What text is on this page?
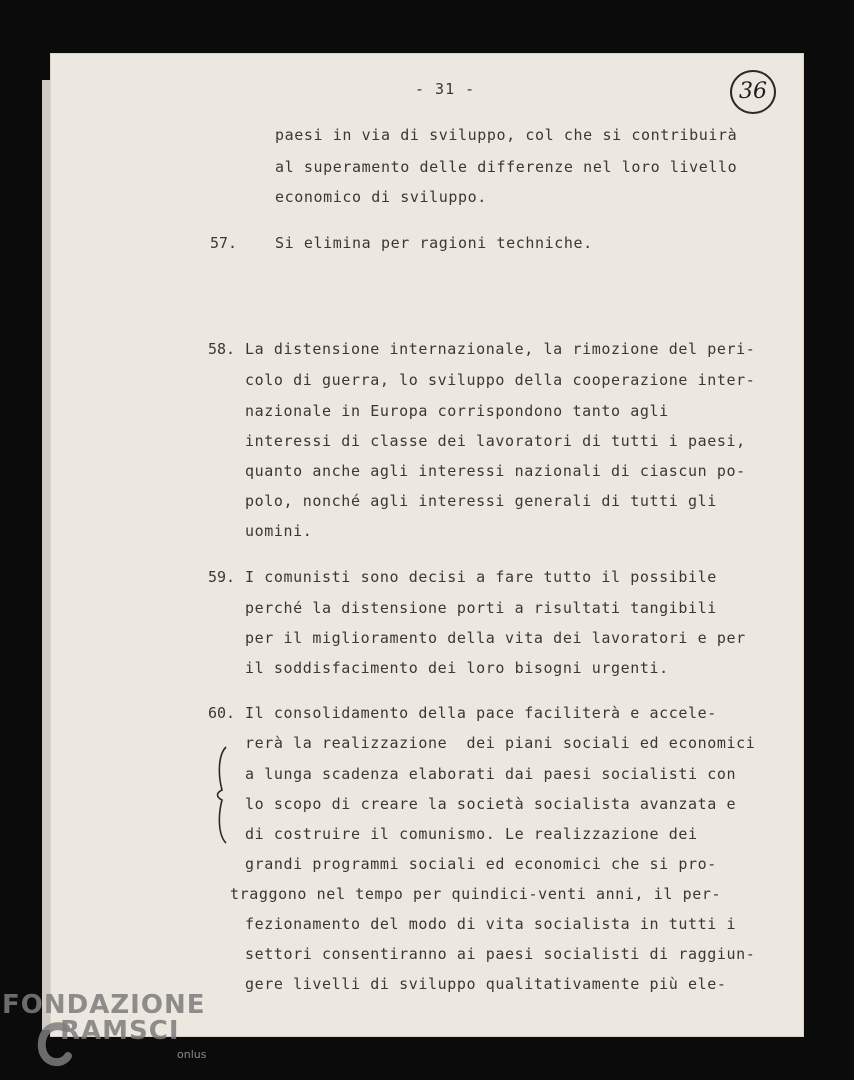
- 31 -	36
paesi in via di sviluppo, col che si contribuirà
al superamento delle differenze nel loro livello
economico di sviluppo.
57.	Si elimina per ragioni techniche.
58. La distensione internazionale, la rimozione del peri-
colo di guerra, lo sviluppo della cooperazione inter-
nazionale in Europa corrispondono tanto agli
interessi di classe dei lavoratori di tutti i paesi,
quanto anche agli interessi nazionali di ciascun po-
polo, nonché agli interessi generali di tutti gli
uomini.
59. I comunisti sono decisi a fare tutto il possibile
perché la distensione porti a risultati tangibili
per il miglioramento della vita dei lavoratori e per
il soddisfacimento dei loro bisogni urgenti.
60. Il consolidamento della pace faciliterà e accele-
rerà la realizzazione  dei piani sociali ed economici
a lunga scadenza elaborati dai paesi socialisti con
lo scopo di creare la società socialista avanzata e
di costruire il comunismo. Le realizzazione dei
grandi programmi sociali ed economici che si pro-
traggono nel tempo per quindici-venti anni, il per-
fezionamento del modo di vita socialista in tutti i
settori consentiranno ai paesi socialisti di raggiun-
gere livelli di sviluppo qualitativamente più ele-
FONDAZIONE
RAMSCI
onlus
